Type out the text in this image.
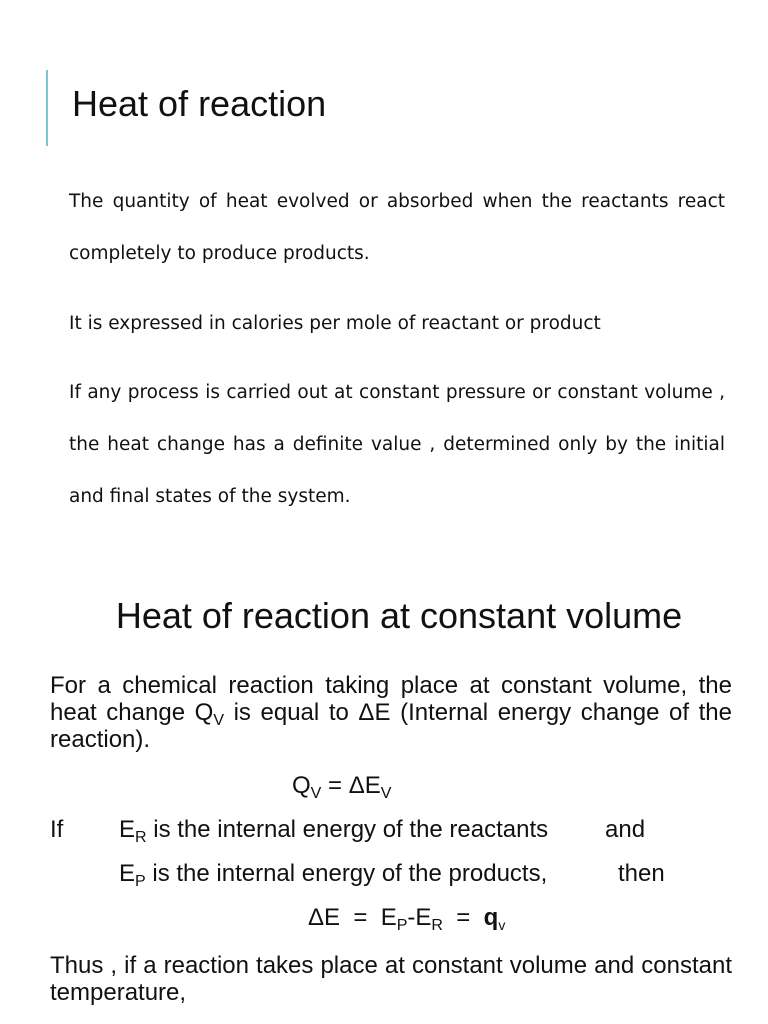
Heat of reaction

The quantity of heat evolved or absorbed when the reactants react completely to produce products.

It is expressed in calories per mole of reactant or product

If any process is carried out at constant pressure or constant volume , the heat change has a definite value , determined only by the initial and final states of the system.

Heat of reaction at constant volume

For a chemical reaction taking place at constant volume, the heat change $Q_V$ is equal to ΔE (Internal energy change of the reaction).

$Q_V = \Delta E_V$
If $E_R$ is the internal energy of the reactants and
$E_P$ is the internal energy of the products,	then
$\Delta E = E_P-E_R = q_v$

Thus , if a reaction takes place at constant volume and constant temperature,
